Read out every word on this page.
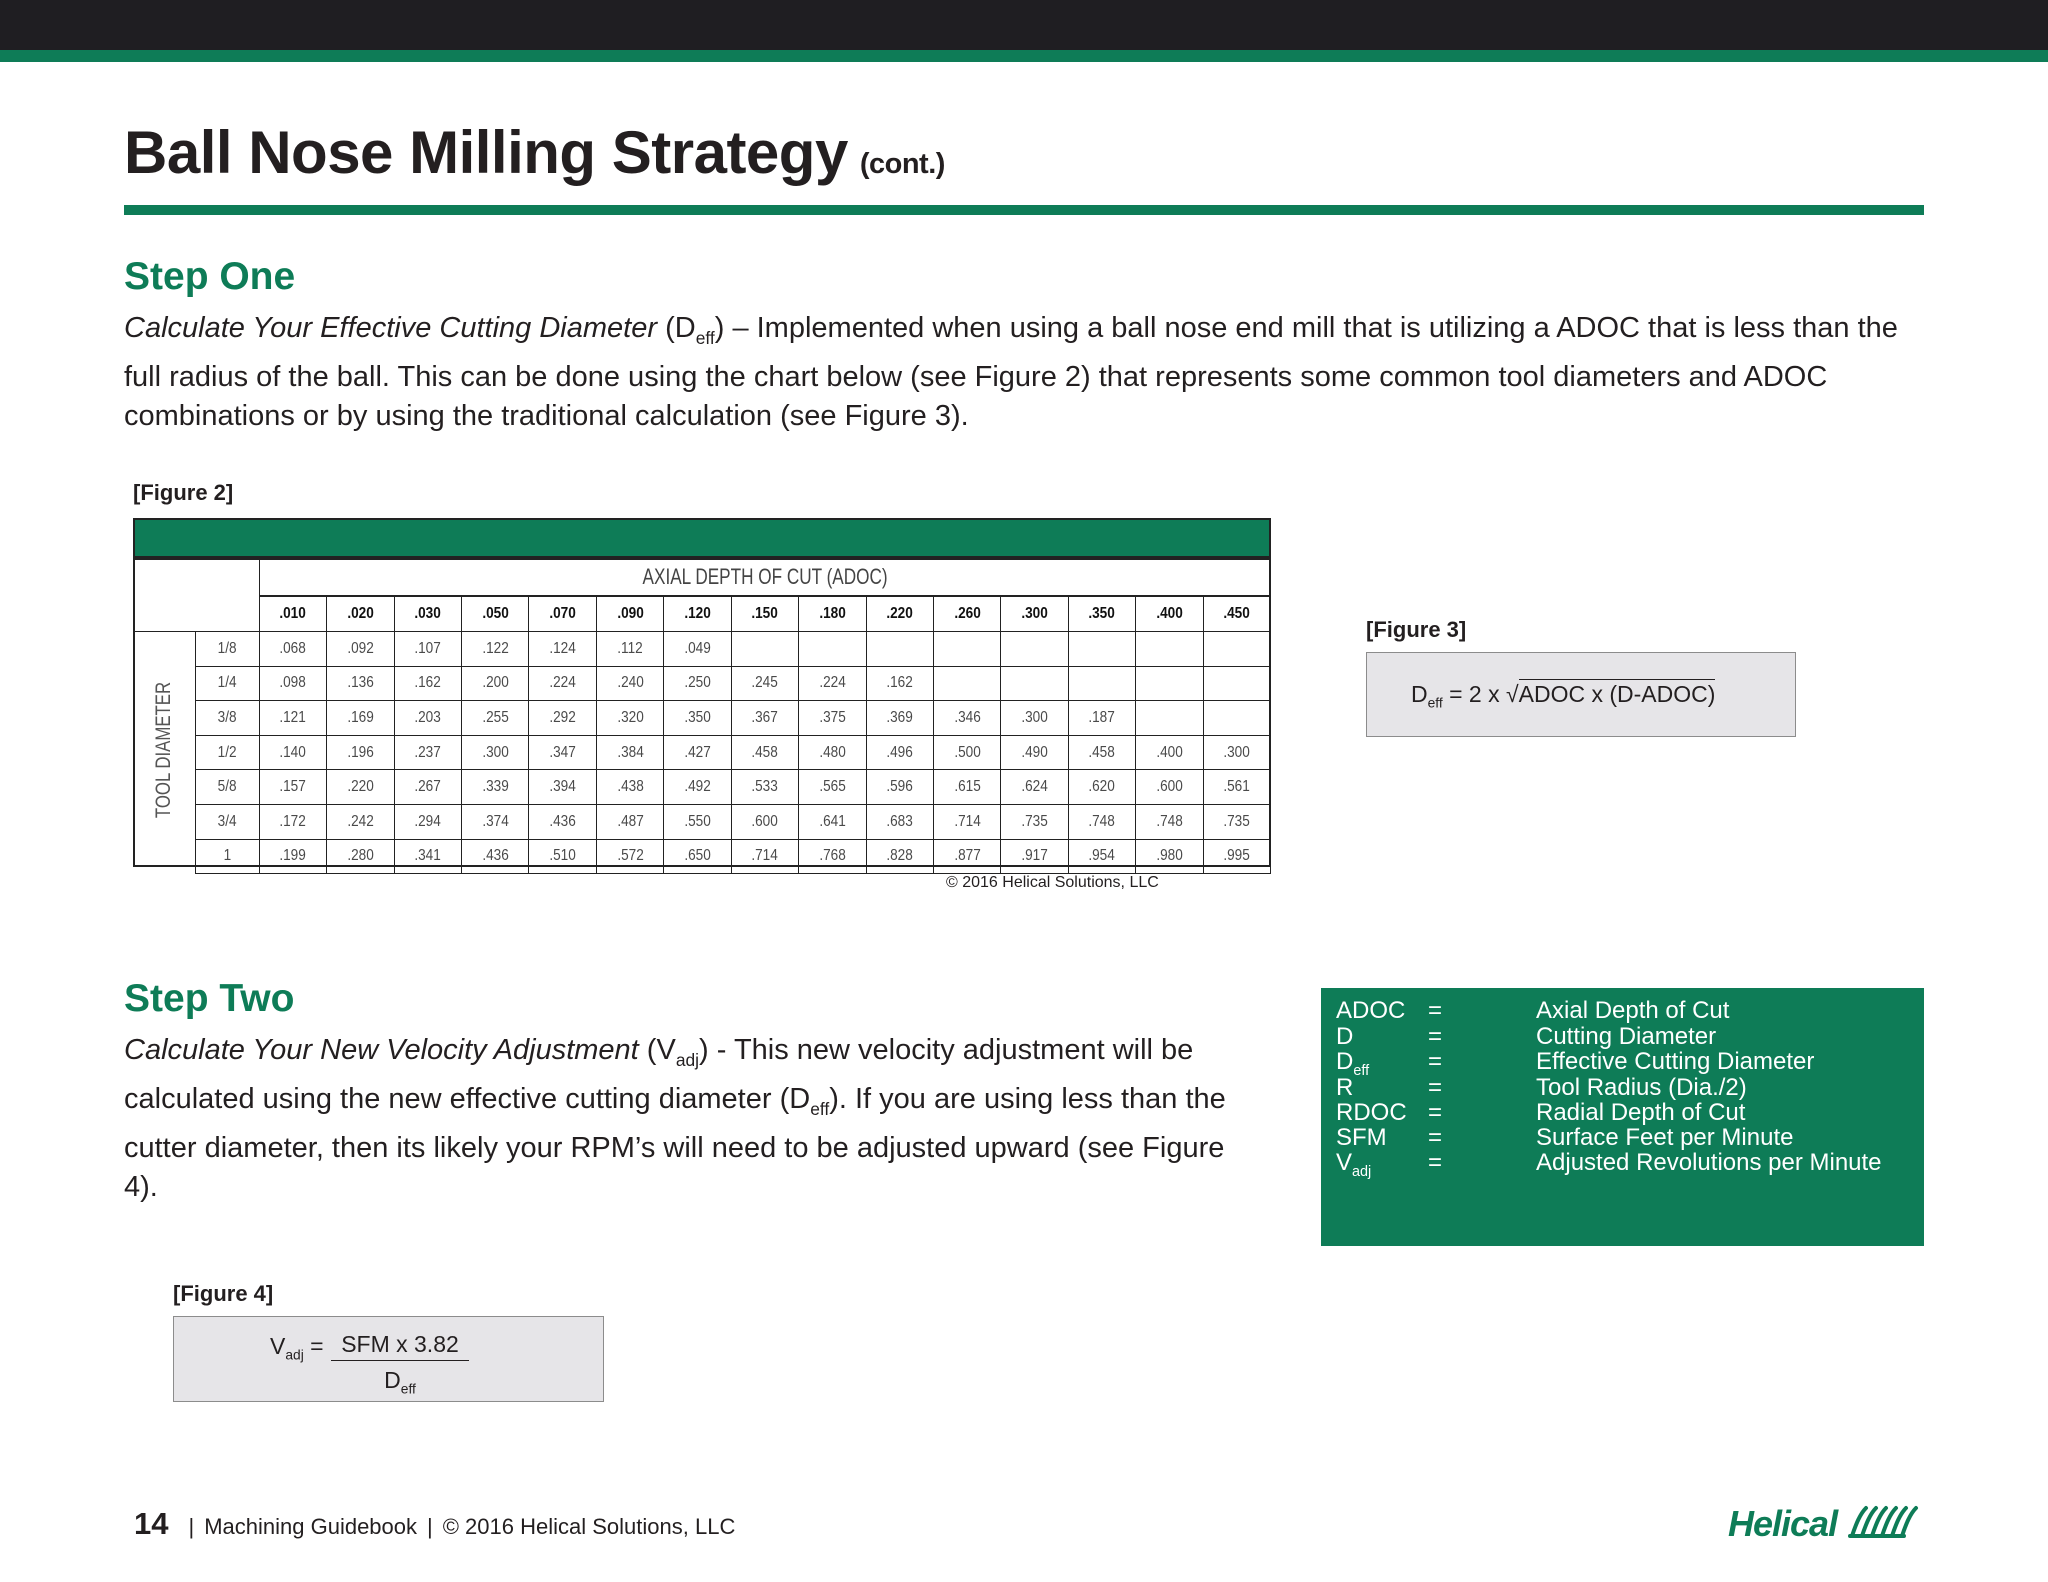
Ball Nose Milling Strategy (cont.)
Step One
Calculate Your Effective Cutting Diameter $(D_{eff})$ – Implemented when using a ball nose end mill that is utilizing a ADOC that is less than the full radius of the ball. This can be done using the chart below (see Figure 2) that represents some common tool diameters and ADOC combinations or by using the traditional calculation (see Figure 3).
[Figure 2]
AXIAL DEPTH OF CUT (ADOC)
TOOL DIAMETER
	.010	.020	.030	.050	.070	.090	.120	.150	.180	.220	.260	.300	.350	.400	.450
1/8	.068	.092	.107	.122	.124	.112	.049								
1/4	.098	.136	.162	.200	.224	.240	.250	.245	.224	.162					
3/8	.121	.169	.203	.255	.292	.320	.350	.367	.375	.369	.346	.300	.187		
1/2	.140	.196	.237	.300	.347	.384	.427	.458	.480	.496	.500	.490	.458	.400	.300
5/8	.157	.220	.267	.339	.394	.438	.492	.533	.565	.596	.615	.624	.620	.600	.561
3/4	.172	.242	.294	.374	.436	.487	.550	.600	.641	.683	.714	.735	.748	.748	.735
1	.199	.280	.341	.436	.510	.572	.650	.714	.768	.828	.877	.917	.954	.980	.995
© 2016 Helical Solutions, LLC
[Figure 3]
$D_{eff} = 2$ x √ADOC x (D-ADOC)
Step Two
Calculate Your New Velocity Adjustment $(V_{adj})$ - This new velocity adjustment will be calculated using the new effective cutting diameter $(D_{eff})$. If you are using less than the cutter diameter, then its likely your RPM’s will need to be adjusted upward (see Figure 4).
ADOC =	Axial Depth of Cut
D	=	Cutting Diameter
$D_{eff}$ =	Effective Cutting Diameter
R	=	Tool Radius (Dia./2)
RDOC =	Radial Depth of Cut
SFM =	Surface Feet per Minute
$V_{adj}$ =	Adjusted Revolutions per Minute
[Figure 4]
$V_{adj}$ = SFM x 3.82
$D_{eff}$
14 | Machining Guidebook | © 2016 Helical Solutions, LLC	Helical
